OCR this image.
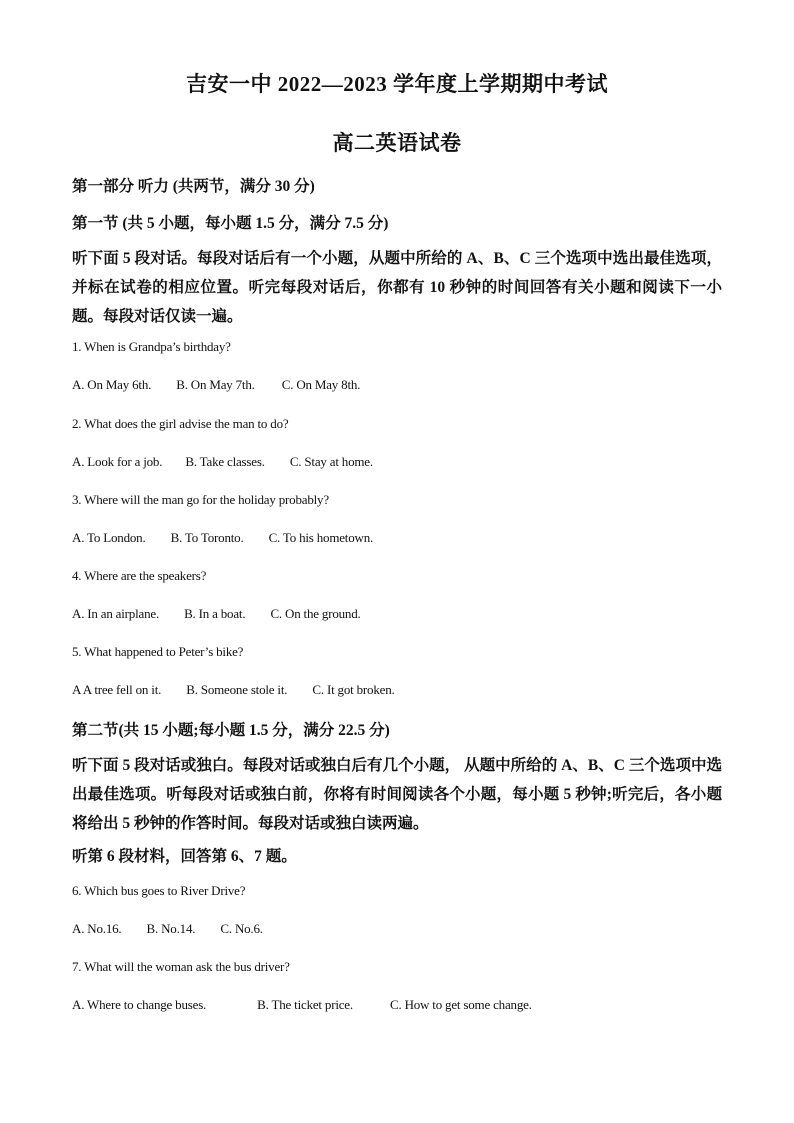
吉安一中 2022—2023 学年度上学期期中考试
高二英语试卷
第一部分 听力 (共两节，满分 30 分)
第一节 (共 5 小题，每小题 1.5 分，满分 7.5 分)
听下面 5 段对话。每段对话后有一个小题，从题中所给的 A、B、C 三个选项中选出最佳选项，并标在试卷的相应位置。听完每段对话后，你都有 10 秒钟的时间回答有关小题和阅读下一小题。每段对话仅读一遍。
1. When is Grandpa’s birthday?
A. On May 6th. B. On May 7th. C. On May 8th.
2. What does the girl advise the man to do?
A. Look for a job. B. Take classes. C. Stay at home.
3. Where will the man go for the holiday probably?
A. To London. B. To Toronto. C. To his hometown.
4. Where are the speakers?
A. In an airplane. B. In a boat. C. On the ground.
5. What happened to Peter’s bike?
A A tree fell on it. B. Someone stole it. C. It got broken.
第二节(共 15 小题;每小题 1.5 分，满分 22.5 分)
听下面 5 段对话或独白。每段对话或独白后有几个小题， 从题中所给的 A、B、C 三个选项中选出最佳选项。听每段对话或独白前，你将有时间阅读各个小题，每小题 5 秒钟;听完后，各小题将给出 5 秒钟的作答时间。每段对话或独白读两遍。
听第 6 段材料，回答第 6、7 题。
6. Which bus goes to River Drive?
A. No.16. B. No.14. C. No.6.
7. What will the woman ask the bus driver?
A. Where to change buses.	B. The ticket price.	C. How to get some change.
